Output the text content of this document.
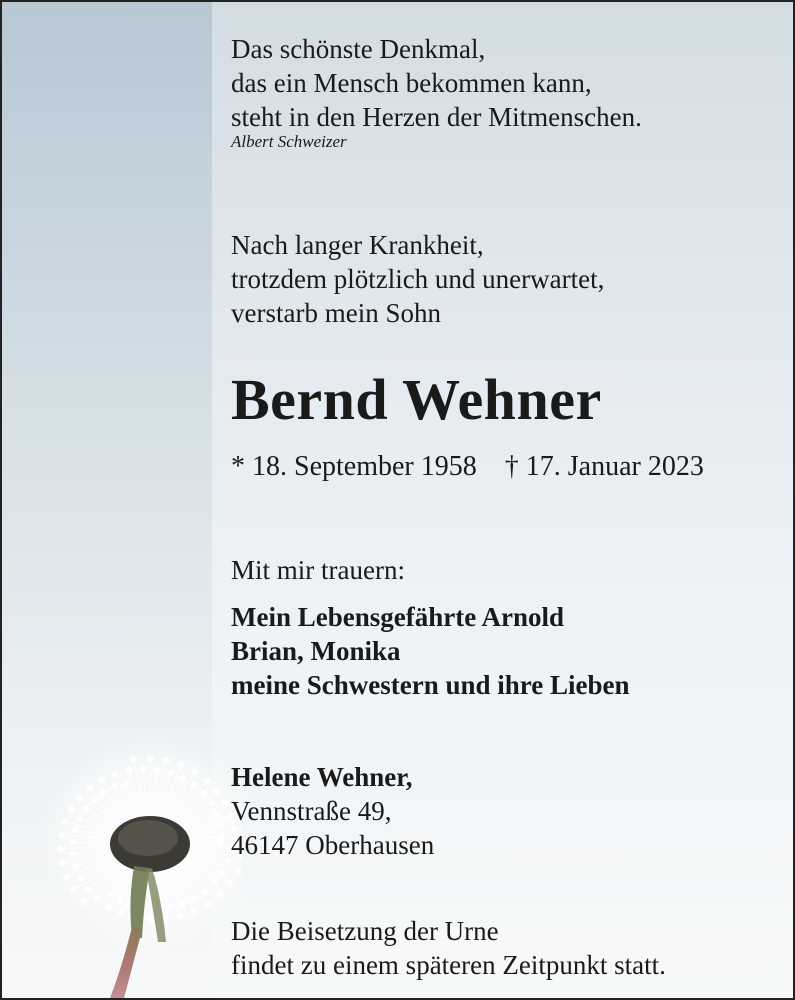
Das schönste Denkmal,
das ein Mensch bekommen kann,
steht in den Herzen der Mitmenschen.
Albert Schweizer
Nach langer Krankheit,
trotzdem plötzlich und unerwartet,
verstarb mein Sohn
Bernd Wehner
* 18. September 1958 † 17. Januar 2023
Mit mir trauern:
Mein Lebensgefährte Arnold
Brian, Monika
meine Schwestern und ihre Lieben
Helene Wehner,
Vennstraße 49,
46147 Oberhausen
Die Beisetzung der Urne
findet zu einem späteren Zeitpunkt statt.
